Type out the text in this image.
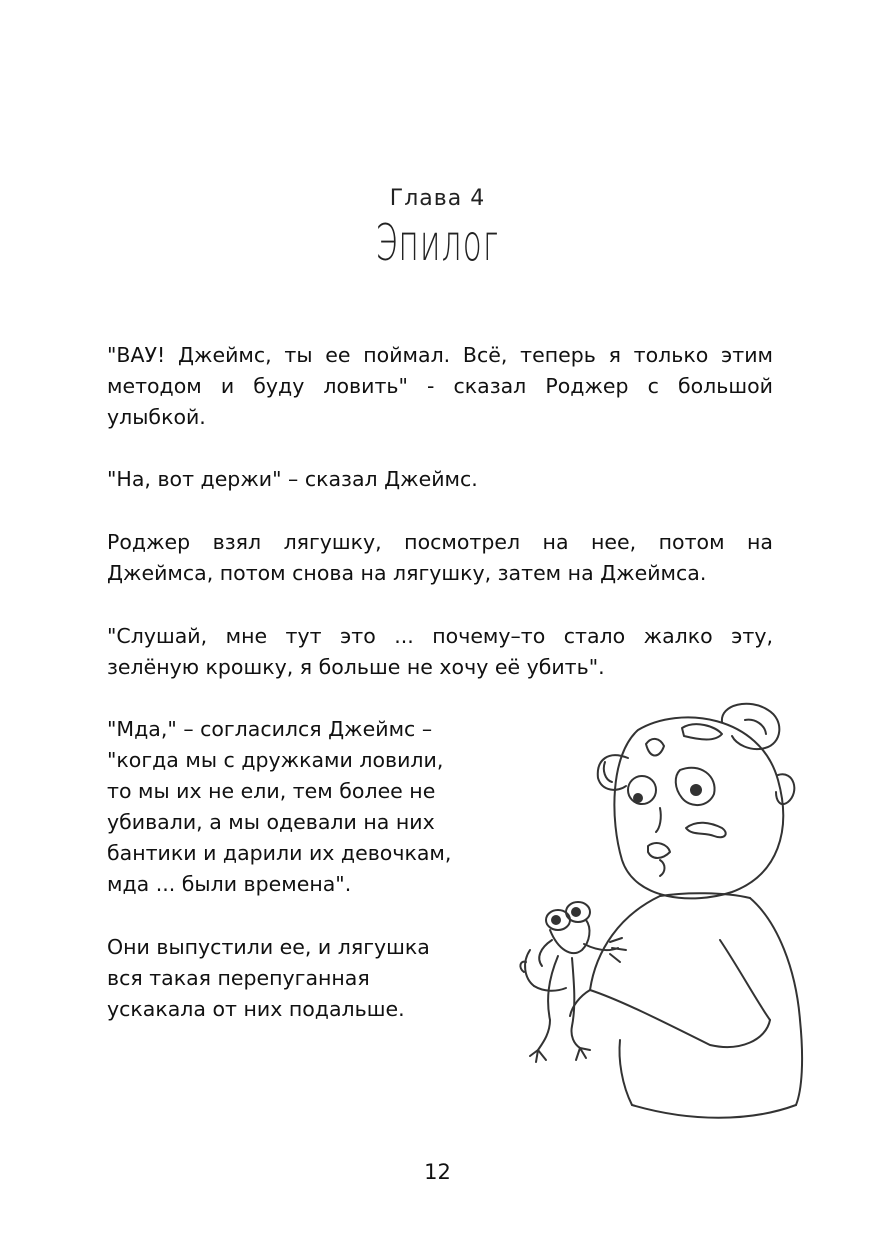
Глава 4
Эпилог

"ВАУ! Джеймс, ты ее поймал. Всё, теперь я только этим методом и буду ловить" - сказал Роджер с большой улыбкой.

"На, вот держи" – сказал Джеймс.

Роджер взял лягушку, посмотрел на нее, потом на Джеймса, потом снова на лягушку, затем на Джеймса.

"Слушай, мне тут это ... почему–то стало жалко эту, зелёную крошку, я больше не хочу её убить".

"Мда," – согласился Джеймс –
"когда мы с дружками ловили,
то мы их не ели, тем более не
убивали, а мы одевали на них
бантики и дарили их девочкам,
мда ... были времена".
Они выпустили ее, и лягушка
вся такая перепуганная
ускакала от них подальше.
12
